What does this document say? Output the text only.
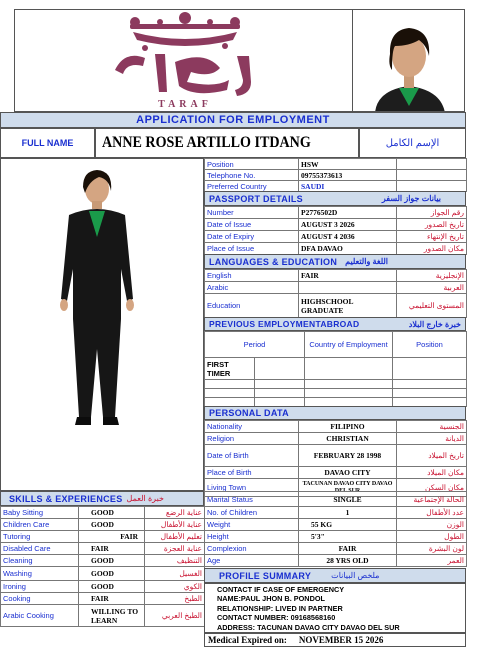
TARAF
APPLICATION FOR EMPLOYMENT
FULL NAME ANNE ROSE ARTILLO ITDANG	الإسم الكامل
Position	HSW	
Telephone No.	09755373613	
Preferred Country	SAUDI	
PASSPORT DETAILS	بيانات جواز السفر
Number	P2776502D	رقم الجواز
Date of Issue	AUGUST 3 2026	تاريخ الصدور
Date of Expiry	AUGUST 4 2036	تاريخ الإنتهاء
Place of Issue	DFA DAVAO	مكان الصدور
LANGUAGES & EDUCATION اللغة والتعليم
English	FAIR	الإنجليزية
Arabic		العربية
Education	HIGHSCHOOL GRADUATE	المستوى التعليمي
PREVIOUS EMPLOYMENTABROAD	خبرة خارج البلاد
Period		Country of Employment	Position
FIRST TIMER			

PERSONAL DATA
Nationality	FILIPINO	الجنسية
Religion	CHRISTIAN	الديانة
Date of Birth	FEBRUARY 28 1998	تاريخ الميلاد
Place of Birth	DAVAO CITY	مكان الميلاد
Living Town	TACUNAN DAVAO CITY DAVAO DEL SUR	مكان السكن
SKILLS & EXPERIENCES خبرة العمل
Baby Sitting	GOOD	عناية الرضع
Children Care	GOOD	عناية الأطفال
Tutoring	FAIR	تعليم الأطفال
Disabled Care	FAIR	عناية العجزة
Cleaning	GOOD	التنظيف
Washing	GOOD	الغسيل
Ironing	GOOD	الكوي
Cooking	FAIR	الطبخ
Arabic Cooking	WILLING TO LEARN	الطبخ العربي
Marital Status	SINGLE	الحالة الإجتماعية
No. of Children	1	عدد الأطفال
Weight	55 KG	الوزن
Height	5'3"	الطول
Complexion	FAIR	لون البشرة
Age	28 YRS OLD	العمر
PROFILE SUMMARY	ملخص البيانات
CONTACT IF CASE OF EMERGENCY
NAME:PAUL JHON B. PONDOL
RELATIONSHIP: LIVED IN PARTNER
CONTACT NUMBER: 09168568160
ADDRESS: TACUNAN DAVAO CITY DAVAO DEL SUR
Medical Expired on: NOVEMBER 15 2026
